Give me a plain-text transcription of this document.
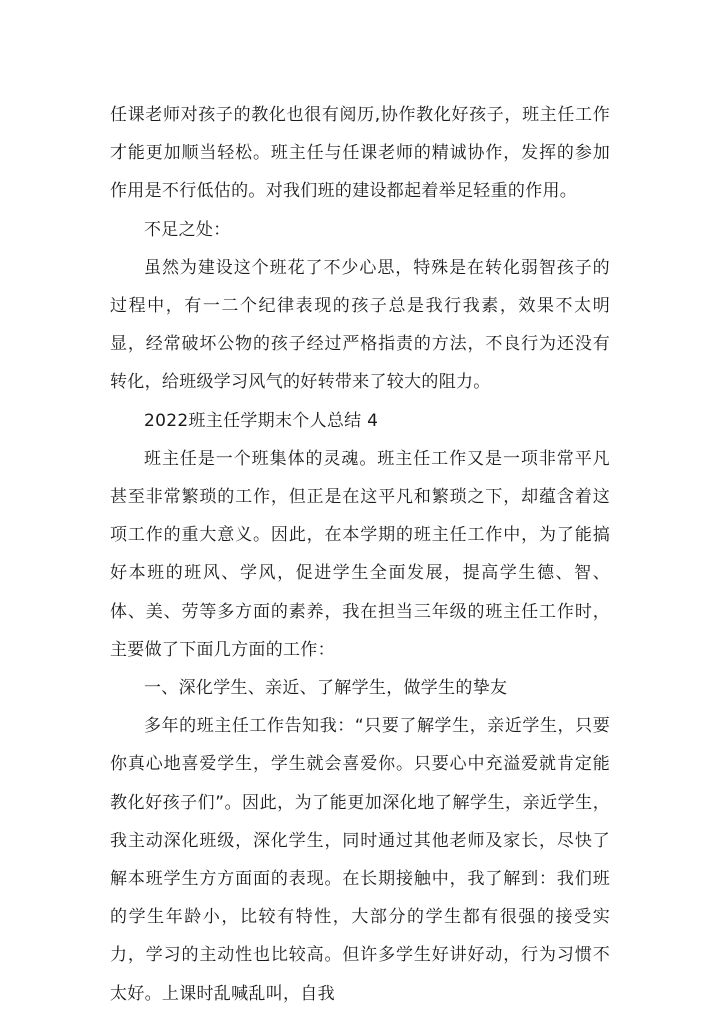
任课老师对孩子的教化也很有阅历,协作教化好孩子，班主任工作才能更加顺当轻松。班主任与任课老师的精诚协作，发挥的参加作用是不行低估的。对我们班的建设都起着举足轻重的作用。

不足之处：

虽然为建设这个班花了不少心思，特殊是在转化弱智孩子的过程中，有一二个纪律表现的孩子总是我行我素，效果不太明显，经常破坏公物的孩子经过严格指责的方法，不良行为还没有转化，给班级学习风气的好转带来了较大的阻力。

2022班主任学期末个人总结 4

班主任是一个班集体的灵魂。班主任工作又是一项非常平凡甚至非常繁琐的工作，但正是在这平凡和繁琐之下，却蕴含着这项工作的重大意义。因此，在本学期的班主任工作中，为了能搞好本班的班风、学风，促进学生全面发展，提高学生德、智、体、美、劳等多方面的素养，我在担当三年级的班主任工作时，主要做了下面几方面的工作：

一、深化学生、亲近、了解学生，做学生的挚友

多年的班主任工作告知我：“只要了解学生，亲近学生，只要你真心地喜爱学生，学生就会喜爱你。只要心中充溢爱就肯定能教化好孩子们”。因此，为了能更加深化地了解学生，亲近学生，我主动深化班级，深化学生，同时通过其他老师及家长，尽快了解本班学生方方面面的表现。在长期接触中，我了解到：我们班的学生年龄小，比较有特性，大部分的学生都有很强的接受实力，学习的主动性也比较高。但许多学生好讲好动，行为习惯不太好。上课时乱喊乱叫，自我
